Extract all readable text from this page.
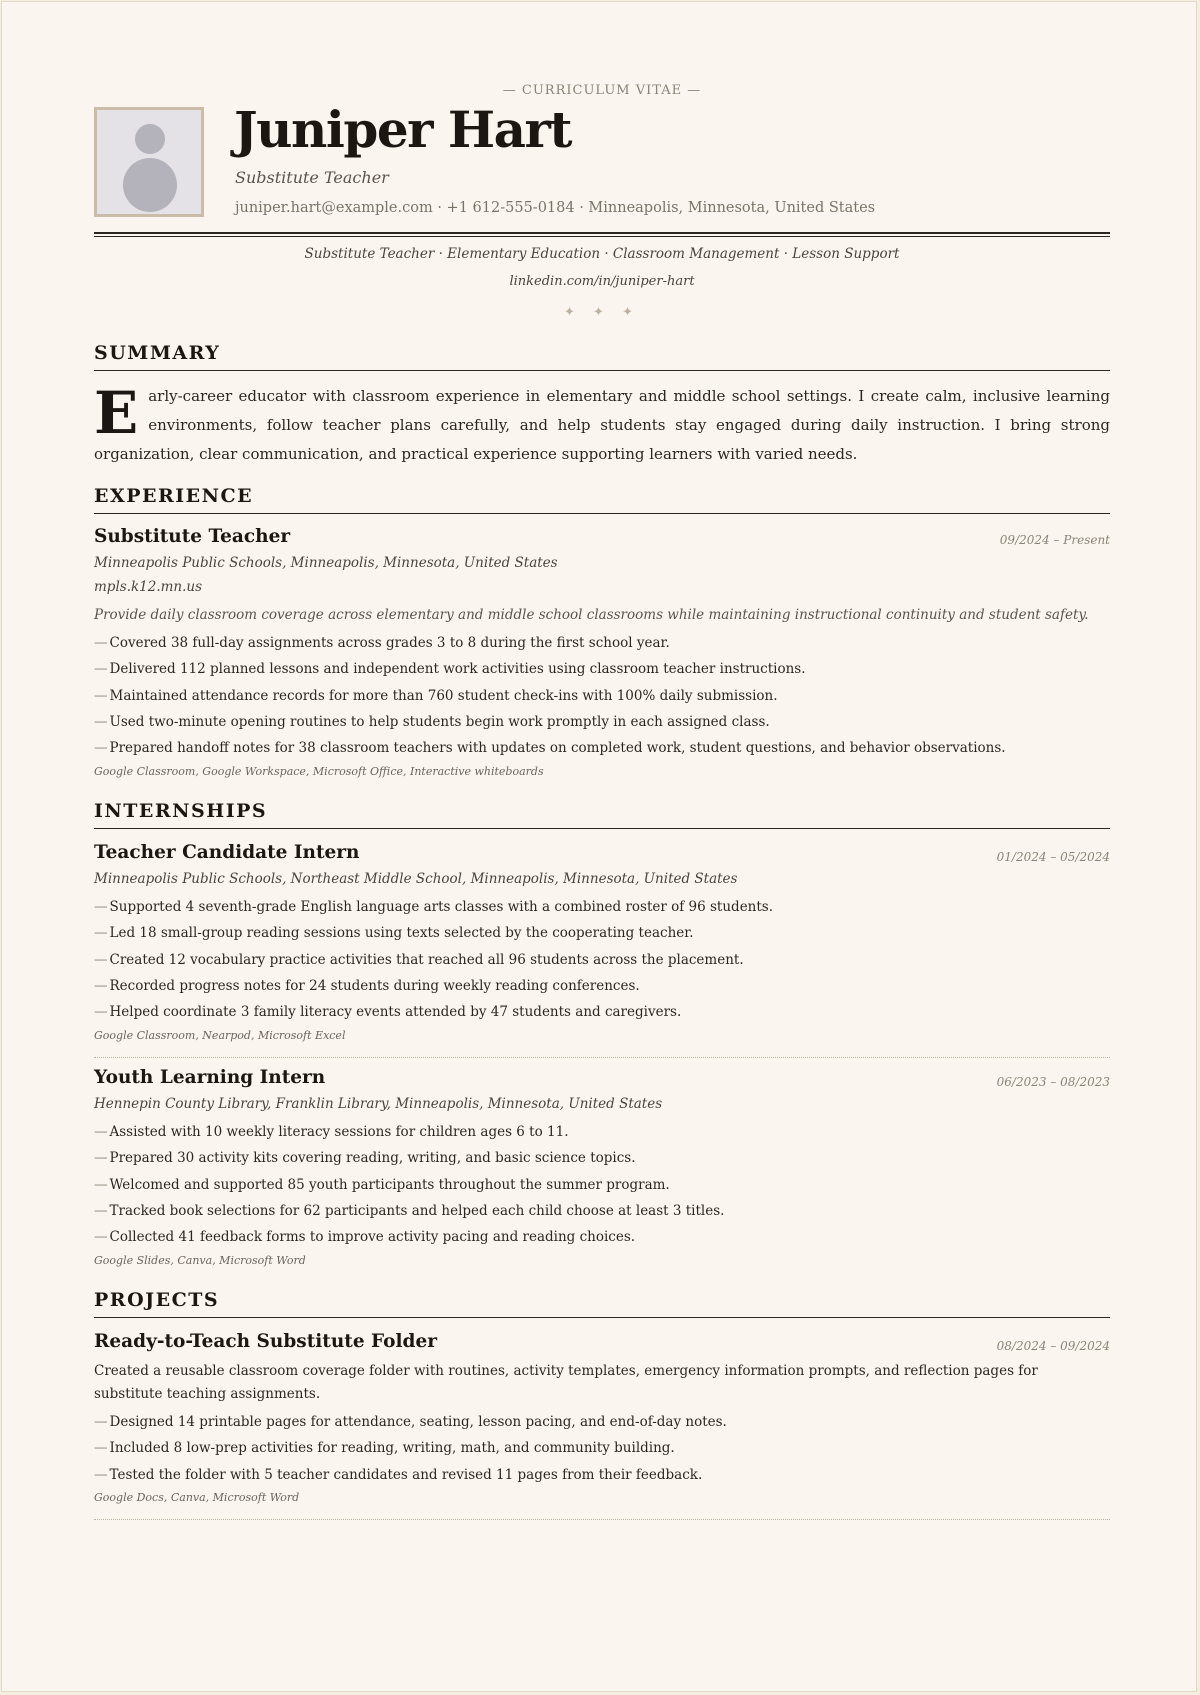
— CURRICULUM VITAE —
Juniper Hart
Substitute Teacher
juniper.hart@example.com · +1 612-555-0184 · Minneapolis, Minnesota, United States
Substitute Teacher · Elementary Education · Classroom Management · Lesson Support
linkedin.com/in/juniper-hart
✦ ✦ ✦
SUMMARY
Early-career educator with classroom experience in elementary and middle school settings. I create calm, inclusive learning environments, follow teacher plans carefully, and help students stay engaged during daily instruction. I bring strong organization, clear communication, and practical experience supporting learners with varied needs.
EXPERIENCE
Substitute Teacher	09/2024 – Present
Minneapolis Public Schools, Minneapolis, Minnesota, United States
mpls.k12.mn.us
Provide daily classroom coverage across elementary and middle school classrooms while maintaining instructional continuity and student safety.
— Covered 38 full-day assignments across grades 3 to 8 during the first school year.
— Delivered 112 planned lessons and independent work activities using classroom teacher instructions.
— Maintained attendance records for more than 760 student check-ins with 100% daily submission.
— Used two-minute opening routines to help students begin work promptly in each assigned class.
— Prepared handoff notes for 38 classroom teachers with updates on completed work, student questions, and behavior observations.
Google Classroom, Google Workspace, Microsoft Office, Interactive whiteboards
INTERNSHIPS
Teacher Candidate Intern	01/2024 – 05/2024
Minneapolis Public Schools, Northeast Middle School, Minneapolis, Minnesota, United States
— Supported 4 seventh-grade English language arts classes with a combined roster of 96 students.
— Led 18 small-group reading sessions using texts selected by the cooperating teacher.
— Created 12 vocabulary practice activities that reached all 96 students across the placement.
— Recorded progress notes for 24 students during weekly reading conferences.
— Helped coordinate 3 family literacy events attended by 47 students and caregivers.
Google Classroom, Nearpod, Microsoft Excel
Youth Learning Intern	06/2023 – 08/2023
Hennepin County Library, Franklin Library, Minneapolis, Minnesota, United States
— Assisted with 10 weekly literacy sessions for children ages 6 to 11.
— Prepared 30 activity kits covering reading, writing, and basic science topics.
— Welcomed and supported 85 youth participants throughout the summer program.
— Tracked book selections for 62 participants and helped each child choose at least 3 titles.
— Collected 41 feedback forms to improve activity pacing and reading choices.
Google Slides, Canva, Microsoft Word
PROJECTS
Ready-to-Teach Substitute Folder	08/2024 – 09/2024
Created a reusable classroom coverage folder with routines, activity templates, emergency information prompts, and reflection pages for substitute teaching assignments.
— Designed 14 printable pages for attendance, seating, lesson pacing, and end-of-day notes.
— Included 8 low-prep activities for reading, writing, math, and community building.
— Tested the folder with 5 teacher candidates and revised 11 pages from their feedback.
Google Docs, Canva, Microsoft Word
